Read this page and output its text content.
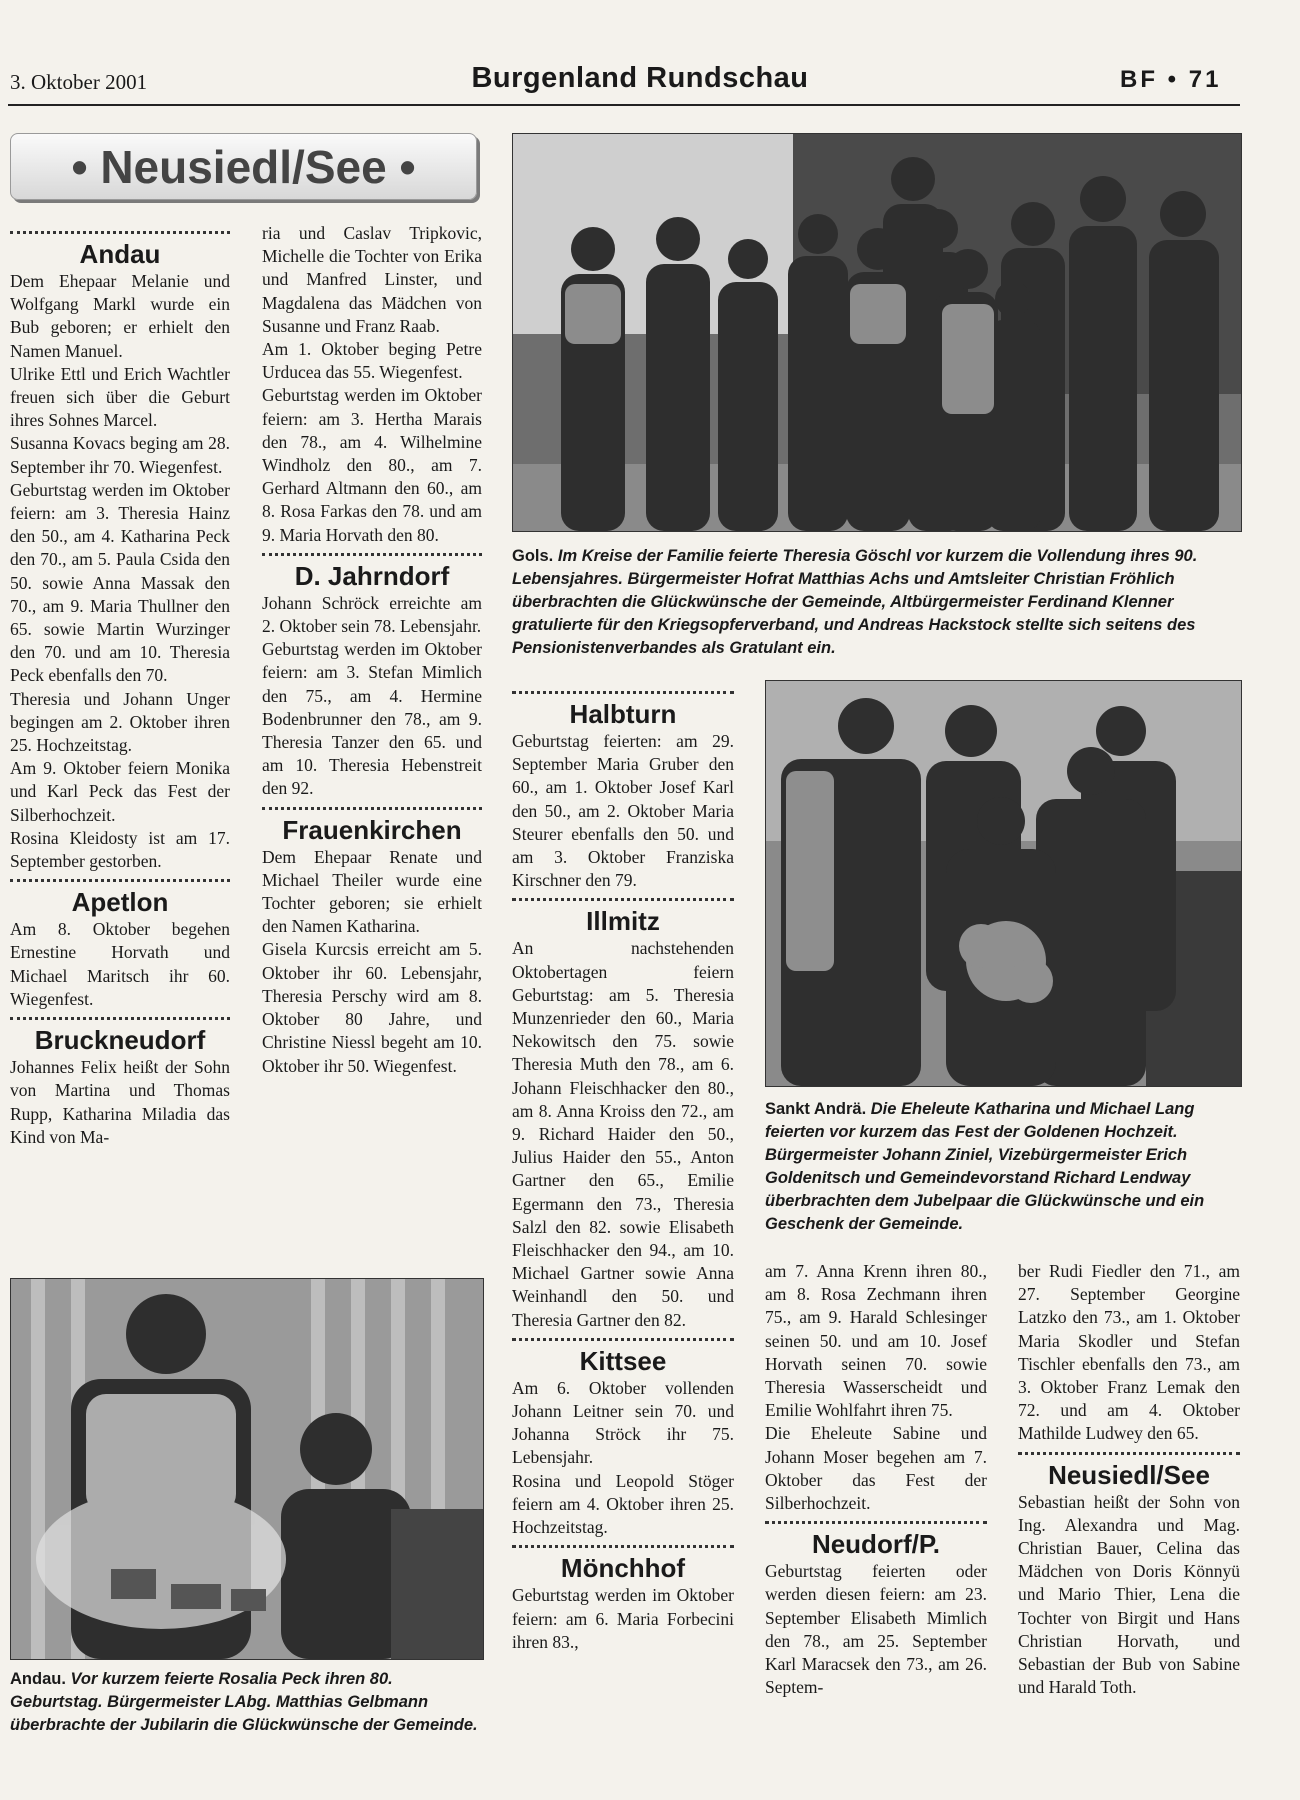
3. Oktober 2001	Burgenland Rundschau	BF • 71
• Neusiedl/See •
Andau

Dem Ehepaar Melanie und Wolfgang Markl wurde ein Bub geboren; er erhielt den Namen Manuel.

Ulrike Ettl und Erich Wachtler freuen sich über die Geburt ihres Sohnes Marcel.

Susanna Kovacs beging am 28. September ihr 70. Wiegenfest.

Geburtstag werden im Oktober feiern: am 3. Theresia Hainz den 50., am 4. Katharina Peck den 70., am 5. Paula Csida den 50. sowie Anna Massak den 70., am 9. Maria Thullner den 65. sowie Martin Wurzinger den 70. und am 10. Theresia Peck ebenfalls den 70.

Theresia und Johann Unger begingen am 2. Oktober ihren 25. Hochzeitstag.

Am 9. Oktober feiern Monika und Karl Peck das Fest der Silberhochzeit.

Rosina Kleidosty ist am 17. September gestorben.

Apetlon

Am 8. Oktober begehen Ernestine Horvath und Michael Maritsch ihr 60. Wiegenfest.

Bruckneudorf

Johannes Felix heißt der Sohn von Martina und Thomas Rupp, Katharina Miladia das Kind von Ma-

ria und Caslav Tripkovic, Michelle die Tochter von Erika und Manfred Linster, und Magdalena das Mädchen von Susanne und Franz Raab.

Am 1. Oktober beging Petre Urducea das 55. Wiegenfest.

Geburtstag werden im Oktober feiern: am 3. Hertha Marais den 78., am 4. Wilhelmine Windholz den 80., am 7. Gerhard Altmann den 60., am 8. Rosa Farkas den 78. und am 9. Maria Horvath den 80.

D. Jahrndorf

Johann Schröck erreichte am 2. Oktober sein 78. Lebensjahr.

Geburtstag werden im Oktober feiern: am 3. Stefan Mimlich den 75., am 4. Hermine Bodenbrunner den 78., am 9. Theresia Tanzer den 65. und am 10. Theresia Hebenstreit den 92.

Frauenkirchen

Dem Ehepaar Renate und Michael Theiler wurde eine Tochter geboren; sie erhielt den Namen Katharina.

Gisela Kurcsis erreicht am 5. Oktober ihr 60. Lebensjahr, Theresia Perschy wird am 8. Oktober 80 Jahre, und Christine Niessl begeht am 10. Oktober ihr 50. Wiegenfest.

Gols. Im Kreise der Familie feierte Theresia Göschl vor kurzem die Vollendung ihres 90. Lebensjahres. Bürgermeister Hofrat Matthias Achs und Amtsleiter Christian Fröhlich überbrachten die Glückwünsche der Gemeinde, Altbürgermeister Ferdinand Klenner gratulierte für den Kriegsopferverband, und Andreas Hackstock stellte sich seitens des Pensionistenverbandes als Gratulant ein.
Halbturn

Geburtstag feierten: am 29. September Maria Gruber den 60., am 1. Oktober Josef Karl den 50., am 2. Oktober Maria Steurer ebenfalls den 50. und am 3. Oktober Franziska Kirschner den 79.

Illmitz

An nachstehenden Oktobertagen feiern Geburtstag: am 5. Theresia Munzenrieder den 60., Maria Nekowitsch den 75. sowie Theresia Muth den 78., am 6. Johann Fleischhacker den 80., am 8. Anna Kroiss den 72., am 9. Richard Haider den 50., Julius Haider den 55., Anton Gartner den 65., Emilie Egermann den 73., Theresia Salzl den 82. sowie Elisabeth Fleischhacker den 94., am 10. Michael Gartner sowie Anna Weinhandl den 50. und Theresia Gartner den 82.

Kittsee

Am 6. Oktober vollenden Johann Leitner sein 70. und Johanna Ströck ihr 75. Lebensjahr.

Rosina und Leopold Stöger feiern am 4. Oktober ihren 25. Hochzeitstag.

Mönchhof

Geburtstag werden im Oktober feiern: am 6. Maria Forbecini ihren 83.,

Sankt Andrä. Die Eheleute Katharina und Michael Lang feierten vor kurzem das Fest der Goldenen Hochzeit. Bürgermeister Johann Ziniel, Vizebürgermeister Erich Goldenitsch und Gemeindevorstand Richard Lendway überbrachten dem Jubelpaar die Glückwünsche und ein Geschenk der Gemeinde.

am 7. Anna Krenn ihren 80., am 8. Rosa Zechmann ihren 75., am 9. Harald Schlesinger seinen 50. und am 10. Josef Horvath seinen 70. sowie Theresia Wasserscheidt und Emilie Wohlfahrt ihren 75.

Die Eheleute Sabine und Johann Moser begehen am 7. Oktober das Fest der Silberhochzeit.

Neudorf/P.

Geburtstag feierten oder werden diesen feiern: am 23. September Elisabeth Mimlich den 78., am 25. September Karl Maracsek den 73., am 26. Septem-

ber Rudi Fiedler den 71., am 27. September Georgine Latzko den 73., am 1. Oktober Maria Skodler und Stefan Tischler ebenfalls den 73., am 3. Oktober Franz Lemak den 72. und am 4. Oktober Mathilde Ludwey den 65.

Neusiedl/See

Sebastian heißt der Sohn von Ing. Alexandra und Mag. Christian Bauer, Celina das Mädchen von Doris Könnyü und Mario Thier, Lena die Tochter von Birgit und Hans Christian Horvath, und Sebastian der Bub von Sabine und Harald Toth.

Andau. Vor kurzem feierte Rosalia Peck ihren 80. Geburtstag. Bürgermeister LAbg. Matthias Gelbmann überbrachte der Jubilarin die Glückwünsche der Gemeinde.
